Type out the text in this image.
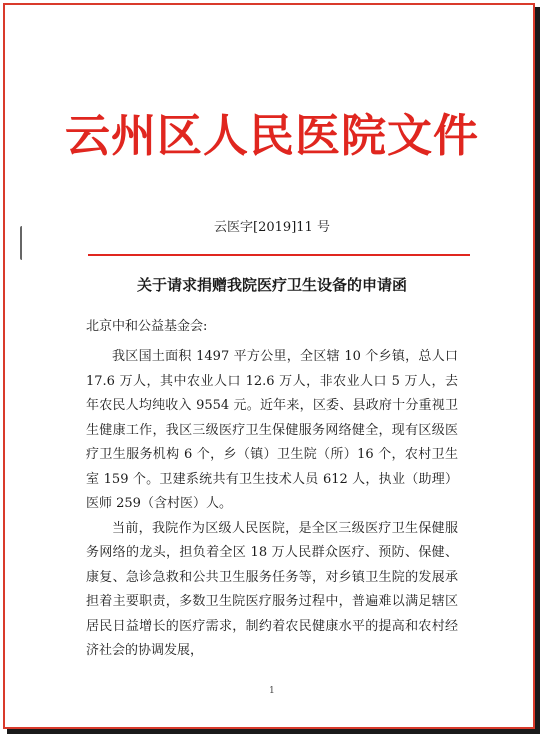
云州区人民医院文件
云医字[2019]11 号
关于请求捐赠我院医疗卫生设备的申请函
北京中和公益基金会:

我区国土面积 1497 平方公里，全区辖 10 个乡镇，总人口 17.6 万人，其中农业人口 12.6 万人，非农业人口 5 万人，去年农民人均纯收入 9554 元。近年来，区委、县政府十分重视卫生健康工作，我区三级医疗卫生保健服务网络健全，现有区级医疗卫生服务机构 6 个，乡（镇）卫生院（所）16 个，农村卫生室 159 个。卫建系统共有卫生技术人员 612 人，执业（助理）医师 259（含村医）人。

当前，我院作为区级人民医院，是全区三级医疗卫生保健服务网络的龙头，担负着全区 18 万人民群众医疗、预防、保健、康复、急诊急救和公共卫生服务任务等，对乡镇卫生院的发展承担着主要职责，多数卫生院医疗服务过程中，普遍难以满足辖区居民日益增长的医疗需求，制约着农民健康水平的提高和农村经济社会的协调发展，

1
